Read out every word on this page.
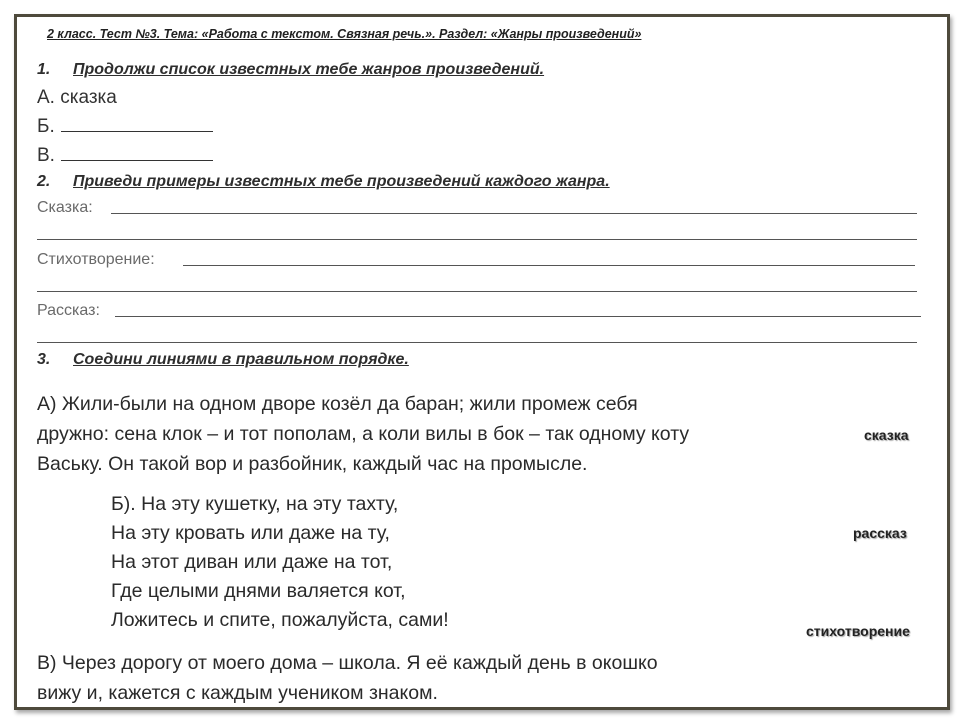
2 класс. Тест №3. Тема: «Работа с текстом. Связная речь.». Раздел: «Жанры произведений»
1. Продолжи список известных тебе жанров произведений.
А. сказка
Б.
В.
2. Приведи примеры известных тебе произведений каждого жанра.
Сказка:
Стихотворение:
Рассказ:
3. Соедини линиями в правильном порядке.
А) Жили-были на одном дворе козёл да баран; жили промеж себя
дружно: сена клок – и тот пополам, а коли вилы в бок – так одному коту
Ваську. Он такой вор и разбойник, каждый час на промысле.
Б). На эту кушетку, на эту тахту,
На эту кровать или даже на ту,
На этот диван или даже на тот,
Где целыми днями валяется кот,
Ложитесь и спите, пожалуйста, сами!
В) Через дорогу от моего дома – школа. Я её каждый день в окошко
вижу и, кажется с каждым учеником знаком.
сказка
рассказ
стихотворение
